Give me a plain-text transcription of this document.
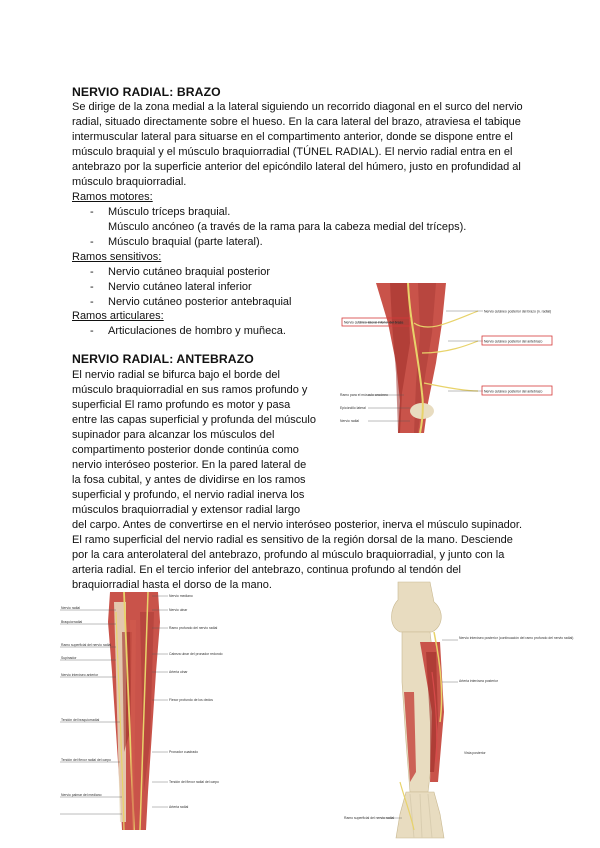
NERVIO RADIAL: BRAZO

Se dirige de la zona medial a la lateral siguiendo un recorrido diagonal en el surco del nervio

radial, situado directamente sobre el hueso. En la cara lateral del brazo, atraviesa el tabique

intermuscular lateral para situarse en el compartimento anterior, donde se dispone entre el

músculo braquial y el músculo braquiorradial (TÚNEL RADIAL). El nervio radial entra en el

antebrazo por la superficie anterior del epicóndilo lateral del húmero, justo en profundidad al

músculo braquiorradial.

Ramos motores:

- Músculo tríceps braquial.
Músculo ancóneo (a través de la rama para la cabeza medial del tríceps).
- Músculo braquial (parte lateral).

Ramos sensitivos:

- Nervio cutáneo braquial posterior
- Nervio cutáneo lateral inferior
- Nervio cutáneo posterior antebraquial

Ramos articulares:

- Articulaciones de hombro y muñeca.
NERVIO RADIAL: ANTEBRAZO

El nervio radial se bifurca bajo el borde del

músculo braquiorradial en sus ramos profundo y

superficial El ramo profundo es motor y pasa

entre las capas superficial y profunda del músculo

supinador para alcanzar los músculos del

compartimento posterior donde continúa como

nervio interóseo posterior. En la pared lateral de

la fosa cubital, y antes de dividirse en los ramos

superficial y profundo, el nervio radial inerva los

músculos braquiorradial y extensor radial largo

del carpo. Antes de convertirse en el nervio interóseo posterior, inerva el músculo supinador.

El ramo superficial del nervio radial es sensitivo de la región dorsal de la mano. Desciende

por la cara anterolateral del antebrazo, profundo al músculo braquiorradial, y junto con la

arteria radial. En el tercio inferior del antebrazo, continua profundo al tendón del

braquiorradial hasta el dorso de la mano.

Nervio cutáneo lateral inferior del brazo
Nervio cutáneo posterior del brazo (n. radial)
Nervio cutáneo posterior del antebrazo
Nervio cutáneo posterior del antebrazo
Ramo para el músculo ancóneo
Epicóndilo lateral
Nervio radial
Nervio radial
Braquiorradial
Ramo superficial del nervio radial
Supinador
Nervio interóseo anterior
Tendón del braquiorradial
Tendón del flexor radial del carpo
Nervio palmar del mediano
Nervio mediano
Nervio ulnar
Ramo profundo del nervio radial
Cabeza ulnar del pronador redondo
Arteria ulnar
Flexor profundo de los dedos
Pronador cuadrado
Tendón del flexor radial del carpo
Arteria radial
Nervio interóseo posterior (continuación del ramo profundo del nervio radial)
Arteria interósea posterior
Vista posterior
Ramo superficial del nervio radial
